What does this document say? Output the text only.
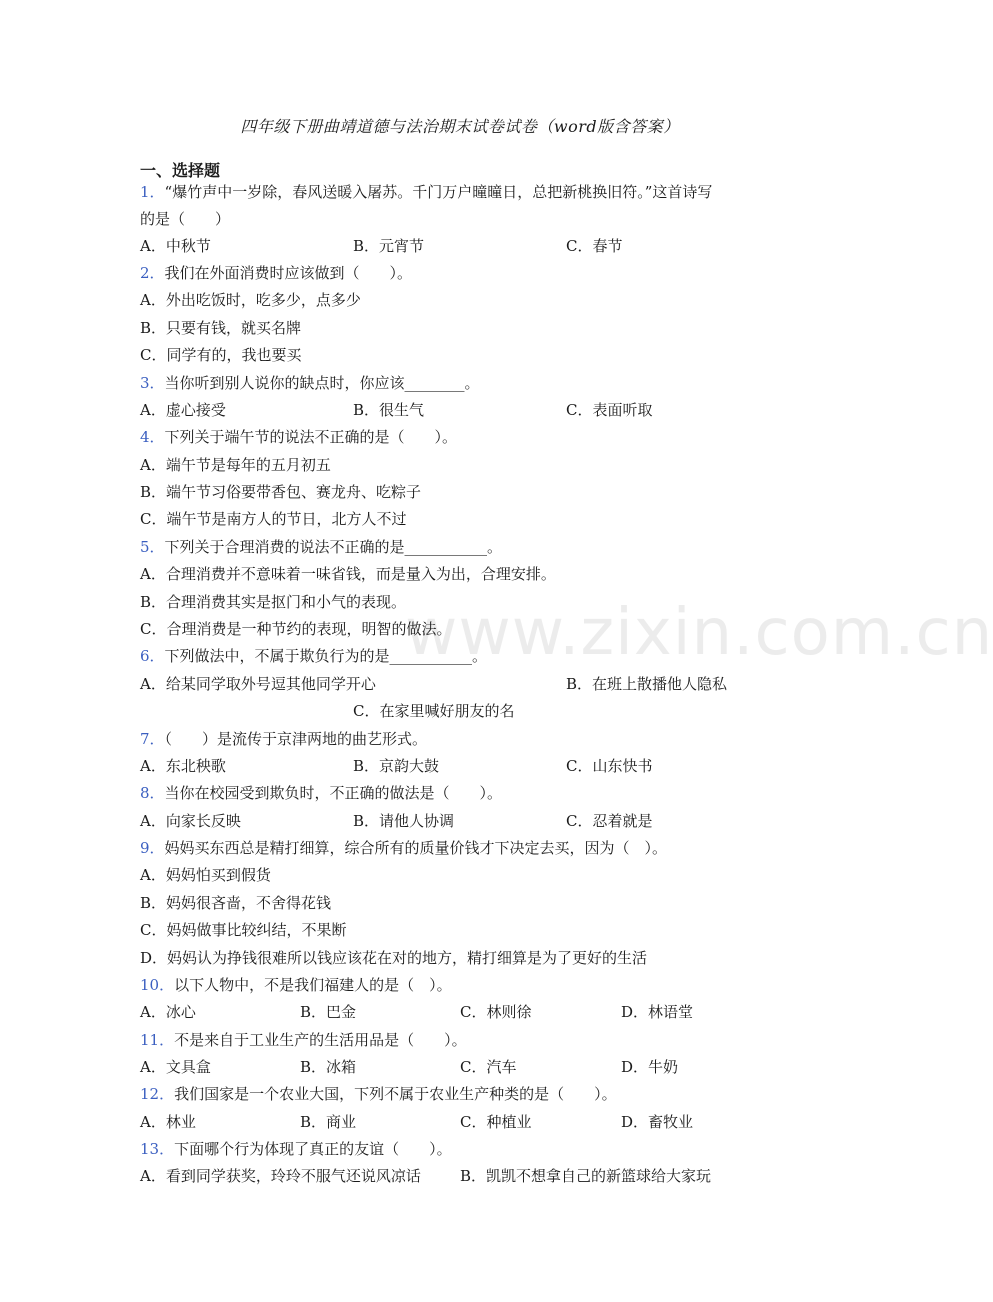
www.zixin.com.cn
四年级下册曲靖道德与法治期末试卷试卷（word版含答案）
一、选择题
1．“爆竹声中一岁除，春风送暖入屠苏。千门万户曈曈日，总把新桃换旧符。”这首诗写
的是（　　）
A．中秋节	B．元宵节	C．春节
2．我们在外面消费时应该做到（　　）。
A．外出吃饭时，吃多少，点多少
B．只要有钱，就买名牌
C．同学有的，我也要买
3．当你听到别人说你的缺点时，你应该________。
A．虚心接受	B．很生气	C．表面听取
4．下列关于端午节的说法不正确的是（　　）。
A．端午节是每年的五月初五
B．端午节习俗要带香包、赛龙舟、吃粽子
C．端午节是南方人的节日，北方人不过
5．下列关于合理消费的说法不正确的是___________。
A．合理消费并不意味着一味省钱，而是量入为出，合理安排。
B．合理消费其实是抠门和小气的表现。
C．合理消费是一种节约的表现，明智的做法。
6．下列做法中，不属于欺负行为的是___________。
A．给某同学取外号逗其他同学开心	B．在班上散播他人隐私
C．在家里喊好朋友的名
7．（　　）是流传于京津两地的曲艺形式。
A．东北秧歌	B．京韵大鼓	C．山东快书
8．当你在校园受到欺负时，不正确的做法是（　　）。
A．向家长反映	B．请他人协调	C．忍着就是
9．妈妈买东西总是精打细算，综合所有的质量价钱才下决定去买，因为（　）。
A．妈妈怕买到假货
B．妈妈很吝啬，不舍得花钱
C．妈妈做事比较纠结，不果断
D．妈妈认为挣钱很难所以钱应该花在对的地方，精打细算是为了更好的生活
10．以下人物中，不是我们福建人的是（　）。
A．冰心	B．巴金	C．林则徐	D．林语堂
11．不是来自于工业生产的生活用品是（　　）。
A．文具盒	B．冰箱	C．汽车	D．牛奶
12．我们国家是一个农业大国，下列不属于农业生产种类的是（　　）。
A．林业	B．商业	C．种植业	D．畜牧业
13．下面哪个行为体现了真正的友谊（　　）。
A．看到同学获奖，玲玲不服气还说风凉话	B．凯凯不想拿自己的新篮球给大家玩
